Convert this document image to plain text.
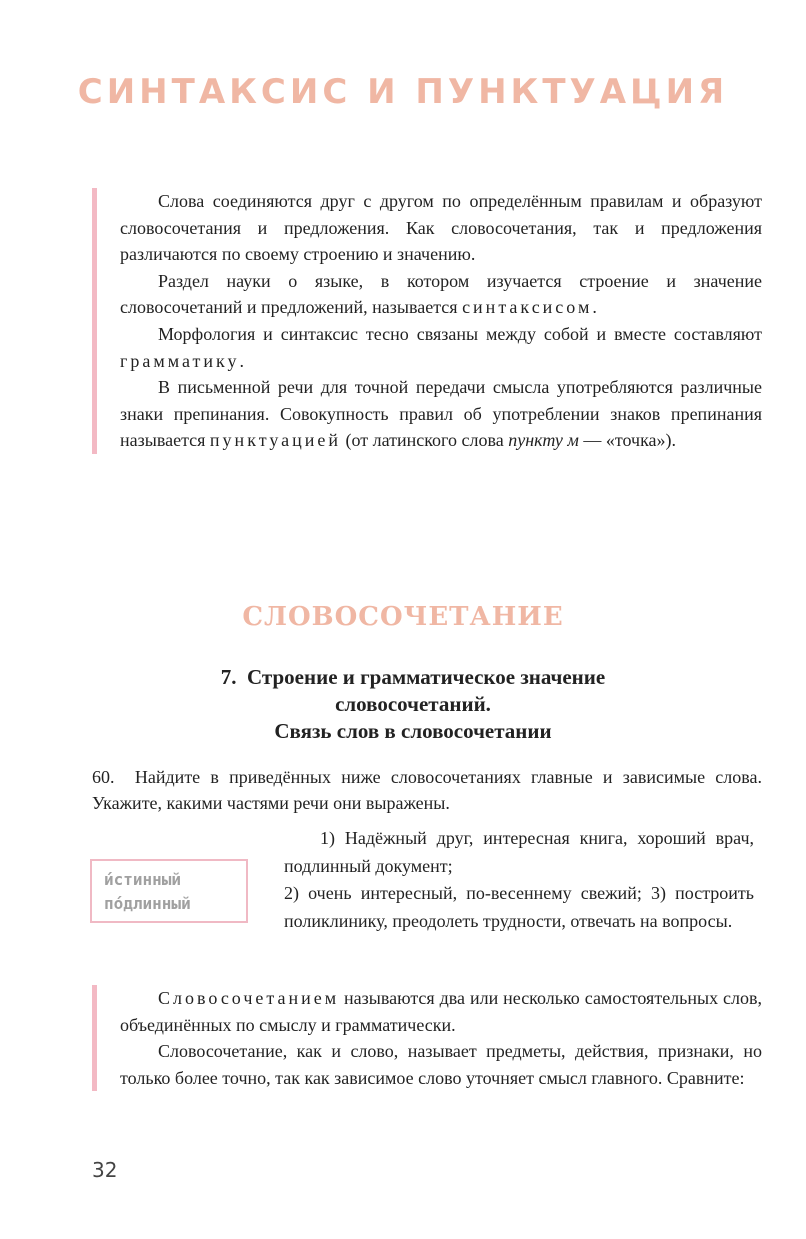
СИНТАКСИС И ПУНКТУАЦИЯ

Слова соединяются друг с другом по определённым правилам и образуют словосочетания и предложения. Как словосочетания, так и предложения различаются по своему строению и значению.

Раздел науки о языке, в котором изучается строение и значение словосочетаний и предложений, называется синтаксисом.

Морфология и синтаксис тесно связаны между собой и вместе составляют грамматику.

В письменной речи для точной передачи смысла употребляются различные знаки препинания. Совокупность правил об употреблении знаков препинания называется пунктуацией (от латинского слова пункту м — «точка»).

СЛОВОСОЧЕТАНИЕ
7. Строение и грамматическое значение
словосочетаний.
Связь слов в словосочетании
60. Найдите в приведённых ниже словосочетаниях главные и зависимые слова. Укажите, какими частями речи они выражены.
и́стинный
по́длинный

1) Надёжный друг, интересная книга, хороший врач, подлинный документ;

2) очень интересный, по-весеннему свежий; 3) построить поликлинику, преодолеть трудности, отвечать на вопросы.

Словосочетанием называются два или несколько самостоятельных слов, объединённых по смыслу и грамматически.

Словосочетание, как и слово, называет предметы, действия, признаки, но только более точно, так как зависимое слово уточняет смысл главного. Сравните:

32
